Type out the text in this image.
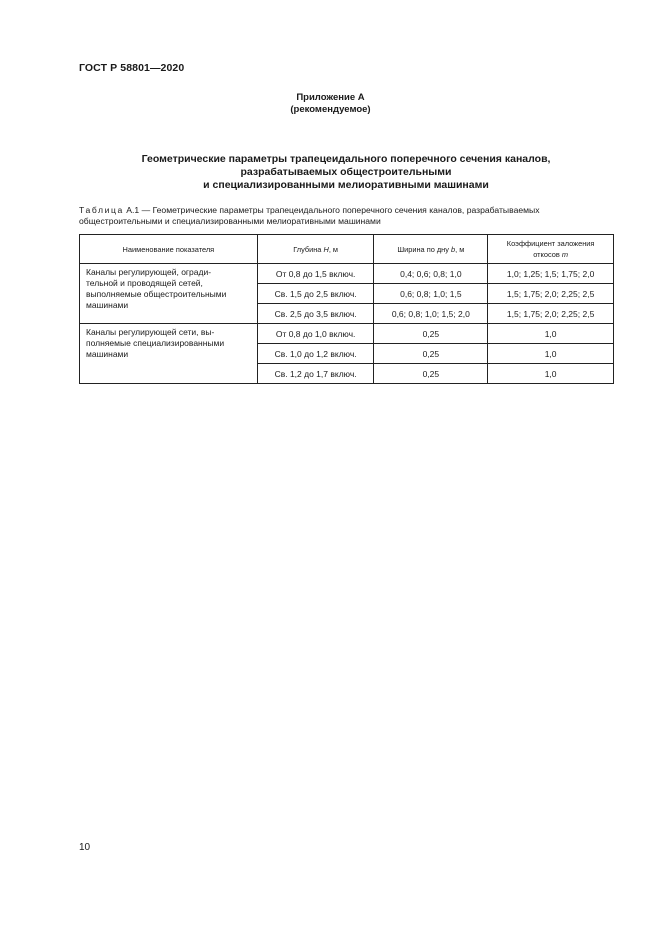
ГОСТ Р 58801—2020
Приложение А
(рекомендуемое)
Геометрические параметры трапецеидального поперечного сечения каналов,
разрабатываемых общестроительными
и специализированными мелиоративными машинами
Таблица А.1 — Геометрические параметры трапецеидального поперечного сечения каналов, разрабатываемых
общестроительными и специализированными мелиоративными машинами
Наименование показателя	Глубина Н, м	Ширина по дну b, м	Коэффициент заложения
откосов m

Каналы регулирующей, огради-
тельной и проводящей сетей,
выполняемые общестроительными
машинами	От 0,8 до 1,5 включ.	0,4; 0,6; 0,8; 1,0	1,0; 1,25; 1,5; 1,75; 2,0
	Св. 1,5 до 2,5 включ.	0,6; 0,8; 1,0; 1,5	1,5; 1,75; 2,0; 2,25; 2,5
	Св. 2,5 до 3,5 включ.	0,6; 0,8; 1,0; 1,5; 2,0	1,5; 1,75; 2,0; 2,25; 2,5

Каналы регулирующей сети, вы-
полняемые специализированными
машинами	От 0,8 до 1,0 включ.	0,25	1,0
	Св. 1,0 до 1,2 включ.	0,25	1,0
	Св. 1,2 до 1,7 включ.	0,25	1,0
10
